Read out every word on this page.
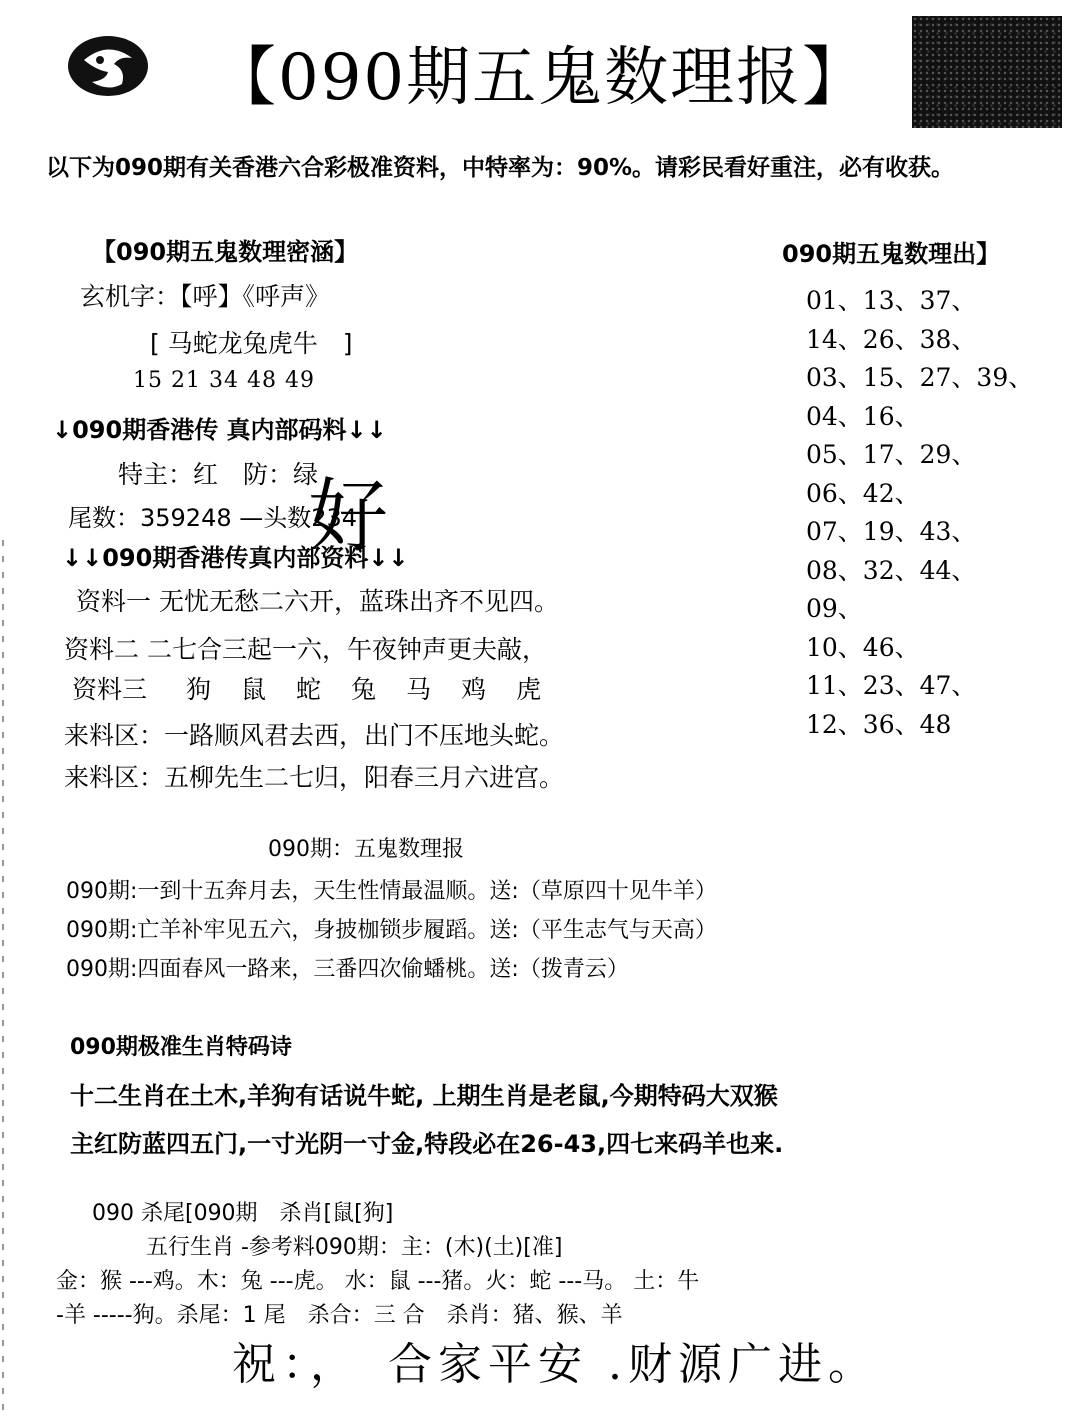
【090期五鬼数理报】
以下为090期有关香港六合彩极准资料，中特率为：90%。请彩民看好重注，必有收获。
【090期五鬼数理密涵】
玄机字：【呼】《呼声》
[ 马蛇龙兔虎牛　]
15 21 34 48 49
↓090期香港传 真内部码料↓↓
特主：红　防：绿
尾数：359248 —头数234
好
↓↓090期香港传真内部资料↓↓
资料一 无忧无愁二六开，蓝珠出齐不见四。
资料二 二七合三起一六，午夜钟声更夫敲，
资料三 狗 鼠 蛇 兔 马 鸡 虎
来料区：一路顺风君去西，出门不压地头蛇。
来料区：五柳先生二七归，阳春三月六进宫。
090期五鬼数理出】
01、13、37、
14、26、38、
03、15、27、39、
04、16、
05、17、29、
06、42、
07、19、43、
08、32、44、
09、
10、46、
11、23、47、
12、36、48
090期：五鬼数理报
090期:一到十五奔月去，天生性情最温顺。送:（草原四十见牛羊）
090期:亡羊补牢见五六，身披枷锁步履蹈。送:（平生志气与天高）
090期:四面春风一路来，三番四次偷蟠桃。送:（拨青云）
090期极准生肖特码诗
十二生肖在土木,羊狗有话说牛蛇, 上期生肖是老鼠,今期特码大双猴
主红防蓝四五门,一寸光阴一寸金,特段必在26-43,四七来码羊也来.
090 杀尾[090期　杀肖[鼠[狗]
五行生肖 -参考料090期：主：(木)(土)[准]
金：猴 ---鸡。木：兔 ---虎。 水：鼠 ---猪。火：蛇 ---马。 土：牛
-羊 -----狗。杀尾：1 尾　杀合：三 合　杀肖：猪、猴、羊
祝：，　合家平安 .财源广进。
